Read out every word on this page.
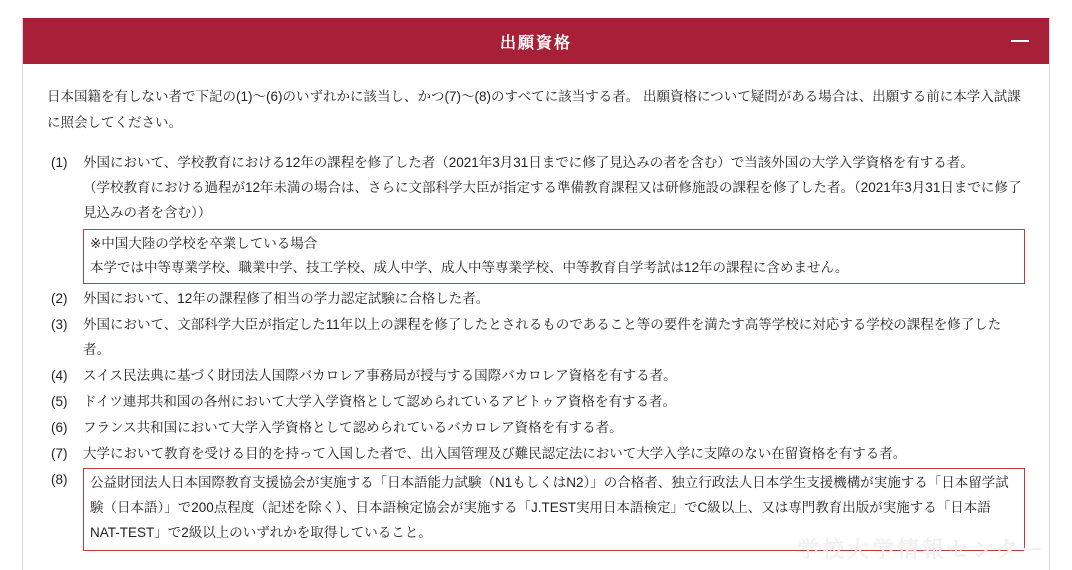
出願資格

日本国籍を有しない者で下記の(1)〜(6)のいずれかに該当し、かつ(7)〜(8)のすべてに該当する者。 出願資格について疑問がある場合は、出願する前に本学入試課に照会してください。

(1)	外国において、学校教育における12年の課程を修了した者（2021年3月31日までに修了見込みの者を含む）で当該外国の大学入学資格を有する者。

（学校教育における過程が12年未満の場合は、さらに文部科学大臣が指定する準備教育課程又は研修施設の課程を修了した者。（2021年3月31日までに修了見込みの者を含む））

※中国大陸の学校を卒業している場合

本学では中等専業学校、職業中学、技工学校、成人中学、成人中等専業学校、中等教育自学考試は12年の課程に含めません。

(2)	外国において、12年の課程修了相当の学力認定試験に合格した者。

(3)	外国において、文部科学大臣が指定した11年以上の課程を修了したとされるものであること等の要件を満たす高等学校に対応する学校の課程を修了した者。

(4)	スイス民法典に基づく財団法人国際バカロレア事務局が授与する国際バカロレア資格を有する者。

(5)	ドイツ連邦共和国の各州において大学入学資格として認められているアビトゥア資格を有する者。

(6)	フランス共和国において大学入学資格として認められているバカロレア資格を有する者。

(7)	大学において教育を受ける目的を持って入国した者で、出入国管理及び難民認定法において大学入学に支障のない在留資格を有する者。

(8)	公益財団法人日本国際教育支援協会が実施する「日本語能力試験（N1もしくはN2）」の合格者、独立行政法人日本学生支援機構が実施する「日本留学試験（日本語）」で200点程度（記述を除く）、日本語検定協会が実施する「J.TEST実用日本語検定」でC級以上、又は専門教育出版が実施する「日本語NAT-TEST」で2級以上のいずれかを取得していること。

学校大学情報センター
